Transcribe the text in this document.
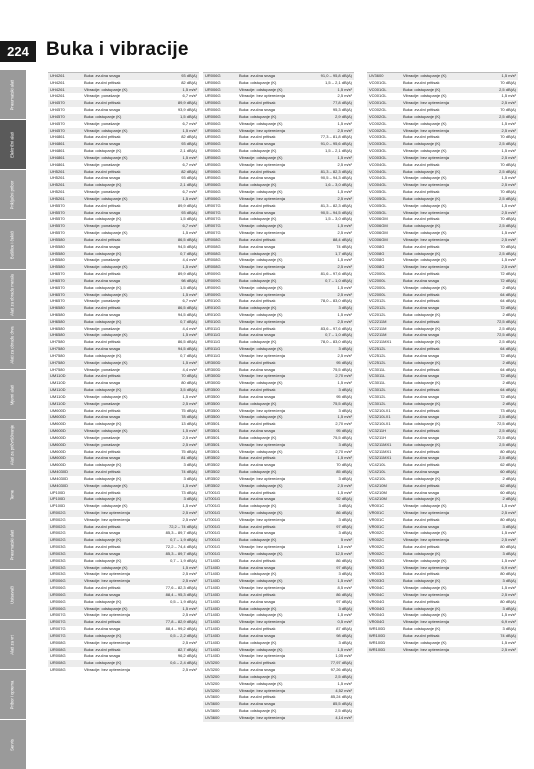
224 Buka i vibracije
Pneumatski alati
Električni alati
Priključni pribor
Bušilice i čekići
Alati za obradu metala
Alati za obradu drva
Mjerni alati
Alati za pričvršćivanje
Teme
Pneumatski alati
Usisavači
Alati za vrt
Pribor i oprema
Servis
UH4261	Buka: zvučna snaga	93 dB(A)
UH4261	Buka: zvučni pritisak	82 dB(A)
UH4261	Vibracije: odstupanje (K)	1,5 m/s²
UH4261	Vibracije: ponašanje	6,7 m/s²
UH4570	Buka: zvučni pritisak	89,9 dB(A)
UH4570	Buka: zvučna snaga	93,9 dB(A)
UH4570	Buka: odstupanje (K)	1,5 dB(A)
UH4570	Vibracije: ponašanje	6,7 m/s²
UH4570	Vibracije: odstupanje (K)	1,5 m/s²
UH4861	Buka: zvučni pritisak	82 dB(A)
UH4861	Buka: zvučna snaga	93 dB(A)
UH4861	Buka: odstupanje (K)	2,1 dB(A)
UH4861	Vibracije: odstupanje (K)	1,5 m/s²
UH4861	Vibracije: ponašanje	6,7 m/s²
UH5261	Buka: zvučni pritisak	82 dB(A)
UH5261	Buka: zvučna snaga	93 dB(A)
UH5261	Buka: odstupanje (K)	2,1 dB(A)
UH5261	Vibracije: ponašanje	6,7 m/s²
UH5261	Vibracije: odstupanje (K)	1,5 m/s²
UH5570	Buka: zvučni pritisak	89,9 dB(A)
UH5570	Buka: zvučna snaga	93 dB(A)
UH5570	Buka: odstupanje (K)	1,5 dB(A)
UH5570	Vibracije: ponašanje	6,7 m/s²
UH5570	Vibracije: odstupanje (K)	1,5 m/s²
UH5580	Buka: zvučni pritisak	86,5 dB(A)
UH5580	Buka: zvučna snaga	94,5 dB(A)
UH5580	Buka: odstupanje (K)	0,7 dB(A)
UH5580	Vibracije: ponašanje	4,4 m/s²
UH5580	Vibracije: odstupanje (K)	1,5 m/s²
UH6570	Buka: zvučni pritisak	89,9 dB(A)
UH6570	Buka: zvučna snaga	98 dB(A)
UH6570	Buka: odstupanje (K)	1,5 dB(A)
UH6570	Vibracije: odstupanje (K)	1,5 m/s²
UH6570	Vibracije: ponašanje	6,7 m/s²
UH6580	Buka: zvučni pritisak	86,5 dB(A)
UH6580	Buka: zvučna snaga	94,5 dB(A)
UH6580	Buka: odstupanje (K)	0,7 dB(A)
UH6580	Vibracije: ponašanje	4,4 m/s²
UH6580	Vibracije: odstupanje (K)	1,5 m/s²
UH7580	Buka: zvučni pritisak	86,5 dB(A)
UH7580	Buka: zvučna snaga	94,5 dB(A)
UH7580	Buka: odstupanje (K)	0,7 dB(A)
UH7580	Vibracije: odstupanje (K)	1,5 m/s²
UH7580	Vibracije: ponašanje	4,4 m/s²
UM110D	Buka: zvučni pritisak	70 dB(A)
UM110D	Buka: zvučna snaga	80 dB(A)
UM110D	Buka: odstupanje (K)	3,5 dB(A)
UM110D	Vibracije: odstupanje (K)	1,5 m/s²
UM110D	Vibracije: ponašanje	2,5 m/s²
UM600D	Buka: zvučni pritisak	75 dB(A)
UM600D	Buka: zvučna snaga	78 dB(A)
UM600D	Buka: odstupanje (K)	13 dB(A)
UM600D	Vibracije: odstupanje (K)	1,5 m/s²
UM600D	Vibracije: ponašanje	2,5 m/s²
UM600D	Vibracije: ponašanje	2,5 m/s²
UM600D	Buka: zvučni pritisak	75 dB(A)
UM600D	Buka: zvučna snaga	81 dB(A)
UM600D	Buka: odstupanje (K)	3 dB(A)
UM4030D	Buka: zvučni pritisak	74 dB(A)
UM4030D	Buka: odstupanje (K)	3 dB(A)
UM4030D	Vibracije: odstupanje (K)	1,5 m/s²
UP100D	Buka: zvučni pritisak	73 dB(A)
UP100D	Buka: odstupanje (K)	3 dB(A)
UP100D	Vibracije: odstupanje (K)	1,5 m/s²
UR002G	Vibracije: bez opterećenja	2,5 m/s²
UR002G	Vibracije: bez opterećenja	2,5 m/s²
UR002G	Buka: zvučni pritisak	72,2 – 74 dB(A)
UR002G	Buka: zvučna snaga	85,3 – 89,7 dB(A)
UR002G	Buka: odstupanje (K)	0,7 – 1,9 dB(A)
UR003G	Buka: zvučni pritisak	72,2 – 74,4 dB(A)
UR003G	Buka: zvučna snaga	85,3 – 89,7 dB(A)
UR003G	Buka: odstupanje (K)	0,7 – 1,9 dB(A)
UR003G	Vibracije: odstupanje (K)	1,5 m/s²
UR003G	Vibracije: bez opterećenja	2,5 m/s²
UR006G	Vibracije: bez opterećenja	2,5 m/s²
UR006G	Buka: zvučni pritisak	77,6 – 82,3 dB(A)
UR006G	Buka: zvučna snaga	88,4 – 95,3 dB(A)
UR006G	Buka: odstupanje (K)	0,5 – 1,9 dB(A)
UR006G	Vibracije: odstupanje (K)	1,5 m/s²
UR007G	Vibracije: bez opterećenja	2,5 m/s²
UR007G	Buka: zvučni pritisak	77,8 – 82,9 dB(A)
UR007G	Buka: zvučna snaga	88,4 – 99,2 dB(A)
UR007G	Buka: odstupanje (K)	0,5 – 2,2 dB(A)
UR008G	Vibracije: bez opterećenja	2,5 m/s²
UR008G	Buka: zvučni pritisak	82,7 dB(A)
UR008G	Buka: zvučna snaga	96,2 dB(A)
UR008G	Buka: odstupanje (K)	0,6 – 2,4 dB(A)
UR008G	Vibracije: bez opterećenja	2,5 m/s²
UR006G	Buka: zvučna snaga	91,0 – 95,8 dB(A)
UR006G	Buka: odstupanje (K)	1,5 – 2,1 dB(A)
UR006G	Vibracije: odstupanje (K)	1,5 m/s²
UR006G	Vibracije: bez opterećenja	2,5 m/s²
UR006G	Buka: zvučni pritisak	77,8 dB(A)
UR006G	Buka: zvučna snaga	95,3 dB(A)
UR006G	Buka: odstupanje (K)	2,9 dB(A)
UR006G	Vibracije: odstupanje (K)	1,5 m/s²
UR006G	Vibracije: bez opterećenja	2,5 m/s²
UR006G	Buka: zvučni pritisak	77,3 – 81,8 dB(A)
UR006G	Buka: zvučna snaga	91,0 – 95,6 dB(A)
UR006G	Buka: odstupanje (K)	1,5 – 2,1 dB(A)
UR006G	Vibracije: odstupanje (K)	1,5 m/s²
UR006G	Vibracije: bez opterećenja	2,5 m/s²
UR006G	Buka: zvučni pritisak	81,3 – 82,3 dB(A)
UR006G	Buka: zvučna snaga	90,5 – 94,3 dB(A)
UR006G	Buka: odstupanje (K)	1,6 – 3,0 dB(A)
UR006G	Vibracije: odstupanje (K)	1,5 m/s²
UR006G	Vibracije: bez opterećenja	2,5 m/s²
UR007G	Buka: zvučni pritisak	81,3 – 82,3 dB(A)
UR007G	Buka: zvučna snaga	90,5 – 94,5 dB(A)
UR007G	Buka: odstupanje (K)	1,5 – 3,0 dB(A)
UR007G	Vibracije: odstupanje (K)	1,5 m/s²
UR007G	Vibracije: bez opterećenja	2,5 m/s²
UR008G	Buka: zvučni pritisak	88,4 dB(A)
UR008G	Buka: zvučna snaga	74 dB(A)
UR008G	Buka: odstupanje (K)	1,7 dB(A)
UR008G	Vibracije: odstupanje (K)	1,5 m/s²
UR008G	Vibracije: bez opterećenja	2,5 m/s²
UR009G	Buka: zvučni pritisak	81,6 – 97,6 dB(A)
UR009G	Buka: odstupanje (K)	0,7 – 1,0 dB(A)
UR009G	Vibracije: odstupanje (K)	1,5 m/s²
UR009G	Vibracije: bez opterećenja	2,5 m/s²
UR010G	Buka: zvučni pritisak	78,0 – 83,0 dB(A)
UR010G	Buka: odstupanje (K)	3 dB(A)
UR010G	Vibracije: odstupanje (K)	1,5 m/s²
UR010G	Vibracije: bez opterećenja	2,5 m/s²
UR011G	Buka: zvučni pritisak	83,6 – 97,6 dB(A)
UR011G	Buka: zvučna snaga	0,7 – 1,0 dB(A)
UR011G	Buka: odstupanje (K)	78,0 – 83,0 dB(A)
UR011G	Vibracije: odstupanje (K)	3 dB(A)
UR011G	Vibracije: bez opterećenja	2,5 m/s²
UR300D	Buka: zvučni pritisak	95 dB(A)
UR300D	Buka: zvučna snaga	75,5 dB(A)
UR300D	Vibracije: bez opterećenja	2,70 m/s²
UR300D	Vibracije: odstupanje (K)	1,5 m/s²
UR3500	Buka: zvučni pritisak	3 dB(A)
UR3500	Buka: zvučna snaga	95 dB(A)
UR3500	Buka: odstupanje (K)	75,5 dB(A)
UR3500	Vibracije: bez opterećenja	3 dB(A)
UR3500	Vibracije: odstupanje (K)	1,5 m/s²
UR3501	Buka: zvučni pritisak	2,70 m/s²
UR3501	Buka: zvučna snaga	95 dB(A)
UR3501	Buka: odstupanje (K)	75,5 dB(A)
UR3501	Vibracije: bez opterećenja	3 dB(A)
UR3501	Vibracije: odstupanje (K)	2,70 m/s²
UR3502	Buka: zvučni pritisak	1,5 m/s²
UR3502	Buka: zvučna snaga	70 dB(A)
UR3502	Buka: odstupanje (K)	85 dB(A)
UR3502	Vibracije: bez opterećenja	3 dB(A)
UR3502	Vibracije: odstupanje (K)	2,5 m/s²
UT001G	Buka: zvučni pritisak	1,5 m/s²
UT001G	Buka: zvučna snaga	92 dB(A)
UT001G	Buka: odstupanje (K)	3 dB(A)
UT001G	Vibracije: odstupanje (K)	86 dB(A)
UT001G	Vibracije: bez opterećenja	3 dB(A)
UT001G	Buka: zvučni pritisak	97 dB(A)
UT001G	Buka: zvučna snaga	3 dB(A)
UT001G	Buka: odstupanje (K)	5 m/s²
UT001G	Vibracije: bez opterećenja	1,5 m/s²
UT001G	Vibracije: odstupanje (K)	12,5 m/s²
UT140D	Buka: zvučni pritisak	86 dB(A)
UT140D	Buka: zvučna snaga	97 dB(A)
UT140D	Buka: odstupanje (K)	3 dB(A)
UT140D	Vibracije: odstupanje (K)	1,5 m/s²
UT140D	Vibracije: bez opterećenja	8,5 m/s²
UT140D	Buka: zvučni pritisak	86 dB(A)
UT140D	Buka: zvučna snaga	97 dB(A)
UT140D	Buka: odstupanje (K)	3 dB(A)
UT140D	Vibracije: odstupanje (K)	1,5 m/s²
UT140D	Vibracije: bez opterećenja	0,5 m/s²
UT140D	Buka: zvučni pritisak	87 dB(A)
UT140D	Buka: zvučna snaga	98 dB(A)
UT140D	Buka: odstupanje (K)	3 dB(A)
UT140D	Vibracije: odstupanje (K)	1,5 m/s²
UT140D	Vibracije: bez opterećenja	1,05 m/s²
UV3200	Buka: zvučni pritisak	77,97 dB(A)
UV3200	Buka: zvučna snaga	97,26 dB(A)
UV3200	Buka: odstupanje (K)	2,5 dB(A)
UV3200	Vibracije: odstupanje (K)	1,5 m/s²
UV3200	Vibracije: bez opterećenja	4,52 m/s²
UV3600	Buka: zvučni pritisak	85,24 dB(A)
UV3600	Buka: zvučna snaga	85,5 dB(A)
UV3600	Buka: odstupanje (K)	2,5 dB(A)
UV3600	Vibracije: bez opterećenja	4,14 m/s²
UV3600	Vibracije: odstupanje (K)	1,5 m/s²
VC001GL	Buka: zvučni pritisak	70 dB(A)
VC001GL	Buka: odstupanje (K)	2,5 dB(A)
VC001GL	Vibracije: odstupanje (K)	1,5 m/s²
VC001GL	Vibracije: bez opterećenja	2,5 m/s²
VC002GL	Buka: zvučni pritisak	70 dB(A)
VC002GL	Buka: odstupanje (K)	2,5 dB(A)
VC002GL	Vibracije: odstupanje (K)	1,5 m/s²
VC002GL	Vibracije: bez opterećenja	2,5 m/s²
VC003GL	Buka: zvučni pritisak	70 dB(A)
VC003GL	Buka: odstupanje (K)	2,5 dB(A)
VC003GL	Vibracije: odstupanje (K)	1,5 m/s²
VC003GL	Vibracije: bez opterećenja	2,5 m/s²
VC004GL	Buka: zvučni pritisak	70 dB(A)
VC004GL	Buka: odstupanje (K)	2,5 dB(A)
VC004GL	Vibracije: odstupanje (K)	1,5 m/s²
VC004GL	Vibracije: bez opterećenja	2,5 m/s²
VC005GL	Buka: zvučni pritisak	70 dB(A)
VC005GL	Buka: odstupanje (K)	2,5 dB(A)
VC005GL	Vibracije: odstupanje (K)	1,5 m/s²
VC005GL	Vibracije: bez opterećenja	2,5 m/s²
VC006GM	Buka: zvučni pritisak	70 dB(A)
VC006GM	Buka: odstupanje (K)	2,5 dB(A)
VC006GM	Vibracije: odstupanje (K)	1,5 m/s²
VC006GM	Vibracije: bez opterećenja	2,5 m/s²
VC008G	Buka: zvučni pritisak	70 dB(A)
VC008G	Buka: odstupanje (K)	2,5 dB(A)
VC008G	Vibracije: odstupanje (K)	1,5 m/s²
VC008G	Vibracije: bez opterećenja	2,5 m/s²
VC2000L	Buka: zvučni pritisak	72 dB(A)
VC2000L	Buka: zvučna snaga	72 dB(A)
VC2000L	Vibracije: odstupanje (K)	2 dB(A)
VC2000L	Buka: zvučni pritisak	64 dB(A)
VC2012L	Buka: zvučni pritisak	64 dB(A)
VC2012L	Buka: zvučna snaga	72 dB(A)
VC2012L	Buka: odstupanje (K)	2 dB(A)
VC2211M	Buka: zvučni pritisak	72,5 dB(A)
VC2211M	Buka: odstupanje (K)	2,5 dB(A)
VC2211M	Buka: zvučna snaga	72,5 dB(A)
VC2211MX1	Buka: odstupanje (K)	2,5 dB(A)
VC2512L	Buka: zvučni pritisak	64 dB(A)
VC2512L	Buka: zvučna snaga	72 dB(A)
VC2512L	Buka: odstupanje (K)	2 dB(A)
VC3011L	Buka: zvučni pritisak	64 dB(A)
VC3011L	Buka: zvučna snaga	72 dB(A)
VC3011L	Buka: odstupanje (K)	2 dB(A)
VC3012L	Buka: zvučni pritisak	64 dB(A)
VC3012L	Buka: zvučna snaga	72 dB(A)
VC3012L	Buka: odstupanje (K)	2 dB(A)
VC3210LX1	Buka: zvučni pritisak	73 dB(A)
VC3210LX1	Buka: zvučna snaga	2,5 dB(A)
VC3210LX1	Buka: odstupanje (K)	72,5 dB(A)
VC3211H	Buka: zvučni pritisak	2,5 dB(A)
VC3211H	Buka: zvučna snaga	72,5 dB(A)
VC3211MX1	Buka: odstupanje (K)	2,5 dB(A)
VC3211MX1	Buka: zvučni pritisak	80 dB(A)
VC3211MX1	Buka: zvučna snaga	2,5 dB(A)
VC4210L	Buka: zvučni pritisak	62 dB(A)
VC4210L	Buka: zvučna snaga	60 dB(A)
VC4210L	Buka: odstupanje (K)	2 dB(A)
VC4210M	Buka: zvučni pritisak	62 dB(A)
VC4210M	Buka: zvučna snaga	60 dB(A)
VC4210M	Buka: odstupanje (K)	2 dB(A)
VR001C	Vibracije: odstupanje (K)	1,5 m/s²
VR001C	Vibracije: bez opterećenja	2,5 m/s²
VR001C	Buka: zvučni pritisak	80 dB(A)
VR001C	Buka: zvučna snaga	3 dB(A)
VR002C	Vibracije: odstupanje (K)	1,5 m/s²
VR002C	Vibracije: bez opterećenja	2,5 m/s²
VR002C	Buka: zvučni pritisak	80 dB(A)
VR002C	Buka: odstupanje (K)	3 dB(A)
VR003G	Vibracije: odstupanje (K)	1,5 m/s²
VR003G	Vibracije: bez opterećenja	6,9 m/s²
VR003G	Buka: zvučni pritisak	80 dB(A)
VR003G	Buka: odstupanje (K)	3 dB(A)
VR004C	Vibracije: odstupanje (K)	1,5 m/s²
VR004C	Vibracije: bez opterećenja	2,5 m/s²
VR004G	Buka: zvučni pritisak	80 dB(A)
VR004G	Buka: odstupanje (K)	3 dB(A)
VR004G	Vibracije: odstupanje (K)	1,5 m/s²
VR004G	Vibracije: bez opterećenja	6,9 m/s²
WR100D	Buka: odstupanje (K)	3 dB(A)
WR100D	Buka: zvučni pritisak	74 dB(A)
WR100D	Vibracije: odstupanje (K)	1,5 m/s²
WR100D	Vibracije: bez opterećenja	2,5 m/s²
